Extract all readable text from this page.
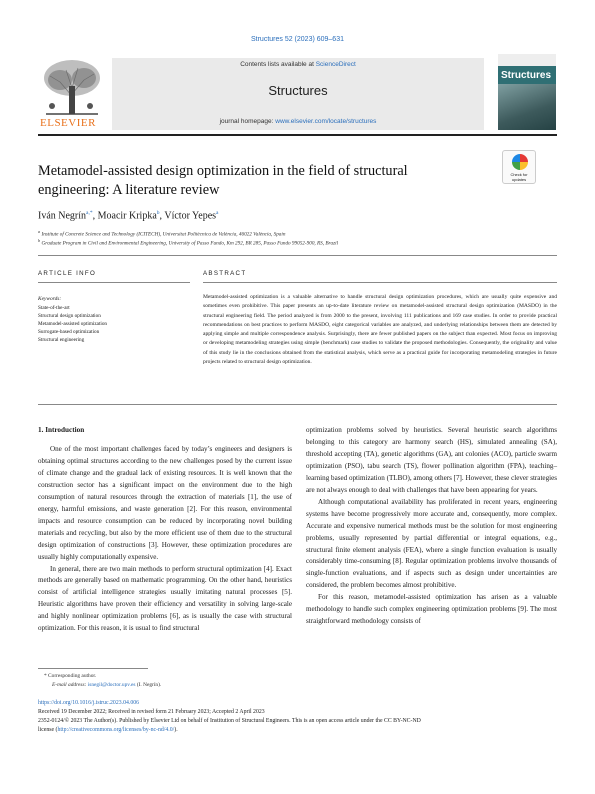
Structures 52 (2023) 609–631
ELSEVIER
Contents lists available at ScienceDirect
Structures
journal homepage: www.elsevier.com/locate/structures
Structures
Metamodel-assisted design optimization in the field of structural engineering: A literature review
Check for
updates
Iván Negrín$^{a,*}$, Moacir Kripka$^b$, Víctor Yepes$^a$
$^a$ Institute of Concrete Science and Technology (ICITECH), Universitat Politècnica de València, 46022 València, Spain
$^b$ Graduate Program in Civil and Environmental Engineering, University of Passo Fundo, Km 292, BR 285, Passo Fundo 99052-900, RS, Brazil
ARTICLE INFO	ABSTRACT
Keywords:
State-of-the-art
Structural design optimization
Metamodel-assisted optimization
Surrogate-based optimization
Structural engineering
Metamodel-assisted optimization is a valuable alternative to handle structural design optimization procedures, which are usually quite expensive and sometimes even prohibitive. This paper presents an up-to-date literature review on metamodel-assisted structural design optimization (MASDO) in the structural engineering field. The period analyzed is from 2000 to the present, involving 111 publications and 169 case studies. In order to provide practical recommendations on best practices to perform MASDO, eight categorical variables are analyzed, and underlying relationships between them are detected by applying simple and multiple correspondence analysis. Surprisingly, there are fewer published papers on the subject than expected. Most focus on improving or developing metamodeling strategies using simple (benchmark) case studies to validate the proposed methodologies. Consequently, the originality and value of this study lie in the conclusions obtained from the statistical analysis, which serve as a practical guide for incorporating metamodeling strategies in future projects related to structural design optimization.
1. Introduction

One of the most important challenges faced by today’s engineers and designers is obtaining optimal structures according to the new challenges posed by the current issue of climate change and the gradual lack of existing resources. It is well known that the construction sector has a significant impact on the environment due to the high consumption of natural resources through the extraction of materials [1], the use of energy, harmful emissions, and waste generation [2]. For this reason, environmental impacts and resource consumption can be reduced by incorporating novel building materials and recycling, but also by the more efficient use of them due to the structural design optimization of constructions [3]. However, these optimization procedures are usually highly computationally expensive.

In general, there are two main methods to perform structural optimization [4]. Exact methods are generally based on mathematic programming. On the other hand, heuristics consist of artificial intelligence strategies usually imitating natural processes [5]. Heuristic algorithms have proven their efficiency and versatility in solving large-scale and highly nonlinear optimization problems [6], as is usually the case with structural optimization. For this reason, it is usual to find structural

optimization problems solved by heuristics. Several heuristic search algorithms belonging to this category are harmony search (HS), simulated annealing (SA), threshold accepting (TA), genetic algorithms (GA), ant colonies (ACO), particle swarm optimization (PSO), tabu search (TS), flower pollination algorithm (FPA), teaching–learning based optimization (TLBO), among others [7]. However, these clever strategies are not always enough to deal with challenges that have been appearing for years.

Although computational availability has proliferated in recent years, engineering systems have become progressively more accurate and, consequently, more complex. Accurate and expensive numerical methods must be the solution for most engineering problems, usually represented by partial differential or integral equations, e.g., structural finite element analysis (FEA), where a single function evaluation is usually considerably time-consuming [8]. Regular optimization problems involve thousands of single-function evaluations, and if aspects such as design under uncertainties are considered, the problem becomes almost prohibitive.

For this reason, metamodel-assisted optimization has arisen as a valuable methodology to handle such complex engineering optimization problems [9]. The most straightforward methodology consists of

* Corresponding author.
E-mail address: isnegil@doctor.upv.es (I. Negrín).
https://doi.org/10.1016/j.istruc.2023.04.006
Received 19 December 2022; Received in revised form 21 February 2023; Accepted 2 April 2023
2352-0124/© 2023 The Author(s). Published by Elsevier Ltd on behalf of Institution of Structural Engineers. This is an open access article under the CC BY-NC-ND
license (http://creativecommons.org/licenses/by-nc-nd/4.0/).
